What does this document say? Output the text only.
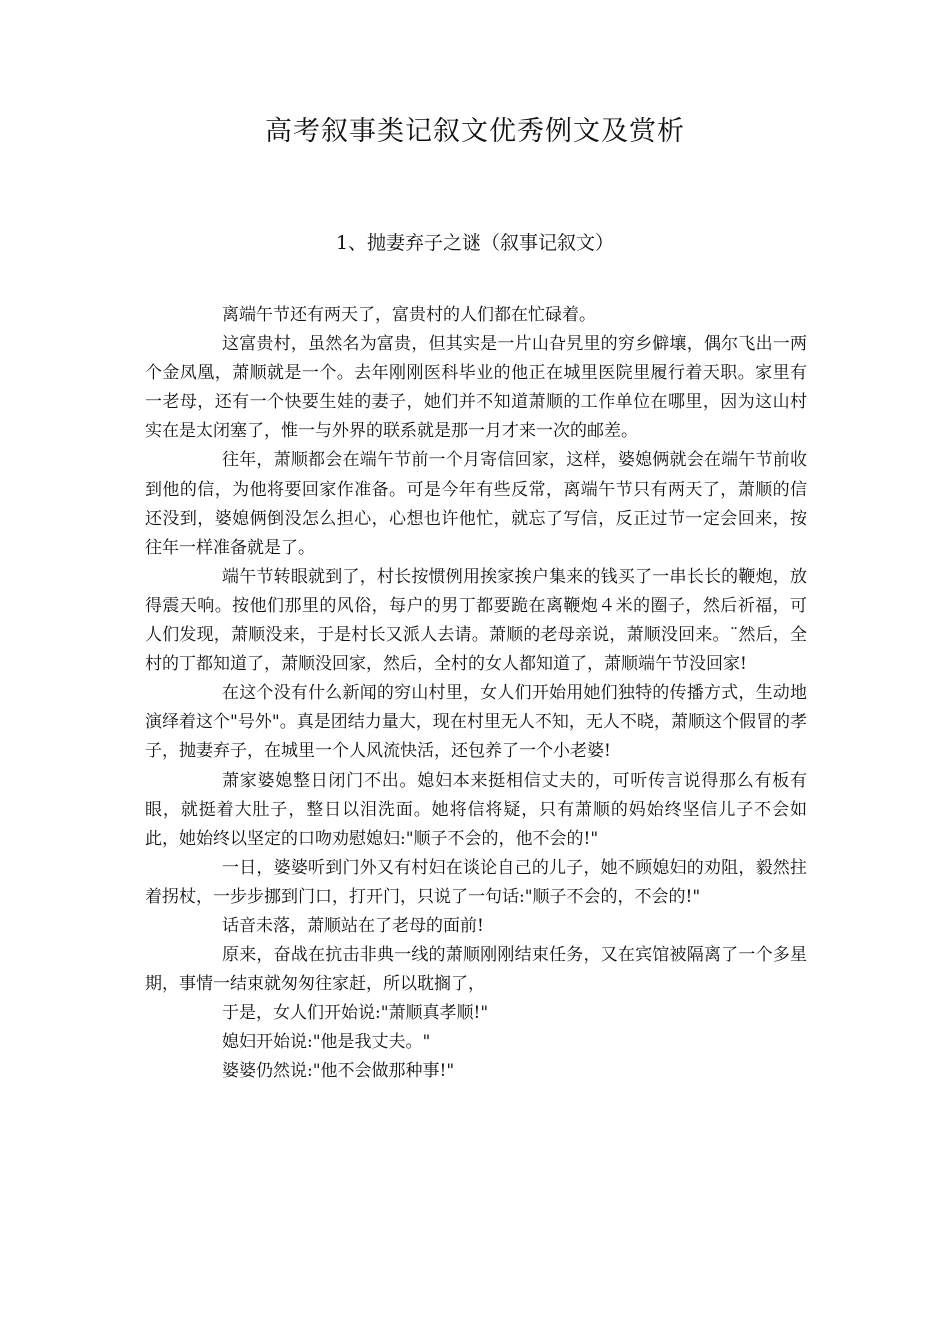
高考叙事类记叙文优秀例文及赏析
1、抛妻弃子之谜（叙事记叙文）

离端午节还有两天了，富贵村的人们都在忙碌着。

这富贵村，虽然名为富贵，但其实是一片山旮旯里的穷乡僻壤，偶尔飞出一两个金凤凰，萧顺就是一个。去年刚刚医科毕业的他正在城里医院里履行着天职。家里有一老母，还有一个快要生娃的妻子，她们并不知道萧顺的工作单位在哪里，因为这山村实在是太闭塞了，惟一与外界的联系就是那一月才来一次的邮差。

往年，萧顺都会在端午节前一个月寄信回家，这样，婆媳俩就会在端午节前收到他的信，为他将要回家作准备。可是今年有些反常，离端午节只有两天了，萧顺的信还没到，婆媳俩倒没怎么担心，心想也许他忙，就忘了写信，反正过节一定会回来，按往年一样准备就是了。

端午节转眼就到了，村长按惯例用挨家挨户集来的钱买了一串长长的鞭炮，放得震天响。按他们那里的风俗，每户的男丁都要跪在离鞭炮４米的圈子，然后祈福，可人们发现，萧顺没来，于是村长又派人去请。萧顺的老母亲说，萧顺没回来。¨然后，全村的丁都知道了，萧顺没回家，然后，全村的女人都知道了，萧顺端午节没回家!

在这个没有什么新闻的穷山村里，女人们开始用她们独特的传播方式，生动地演绎着这个"号外"。真是团结力量大，现在村里无人不知，无人不晓，萧顺这个假冒的孝子，抛妻弃子，在城里一个人风流快活，还包养了一个小老婆!

萧家婆媳整日闭门不出。媳妇本来挺相信丈夫的，可听传言说得那么有板有眼，就挺着大肚子，整日以泪洗面。她将信将疑，只有萧顺的妈始终坚信儿子不会如此，她始终以坚定的口吻劝慰媳妇:"顺子不会的，他不会的!"

一日，婆婆听到门外又有村妇在谈论自己的儿子，她不顾媳妇的劝阻，毅然拄着拐杖，一步步挪到门口，打开门，只说了一句话:"顺子不会的，不会的!"

话音未落，萧顺站在了老母的面前!

原来，奋战在抗击非典一线的萧顺刚刚结束任务，又在宾馆被隔离了一个多星期，事情一结束就匆匆往家赶，所以耽搁了，

于是，女人们开始说:"萧顺真孝顺!"

媳妇开始说:"他是我丈夫。"

婆婆仍然说:"他不会做那种事!"
